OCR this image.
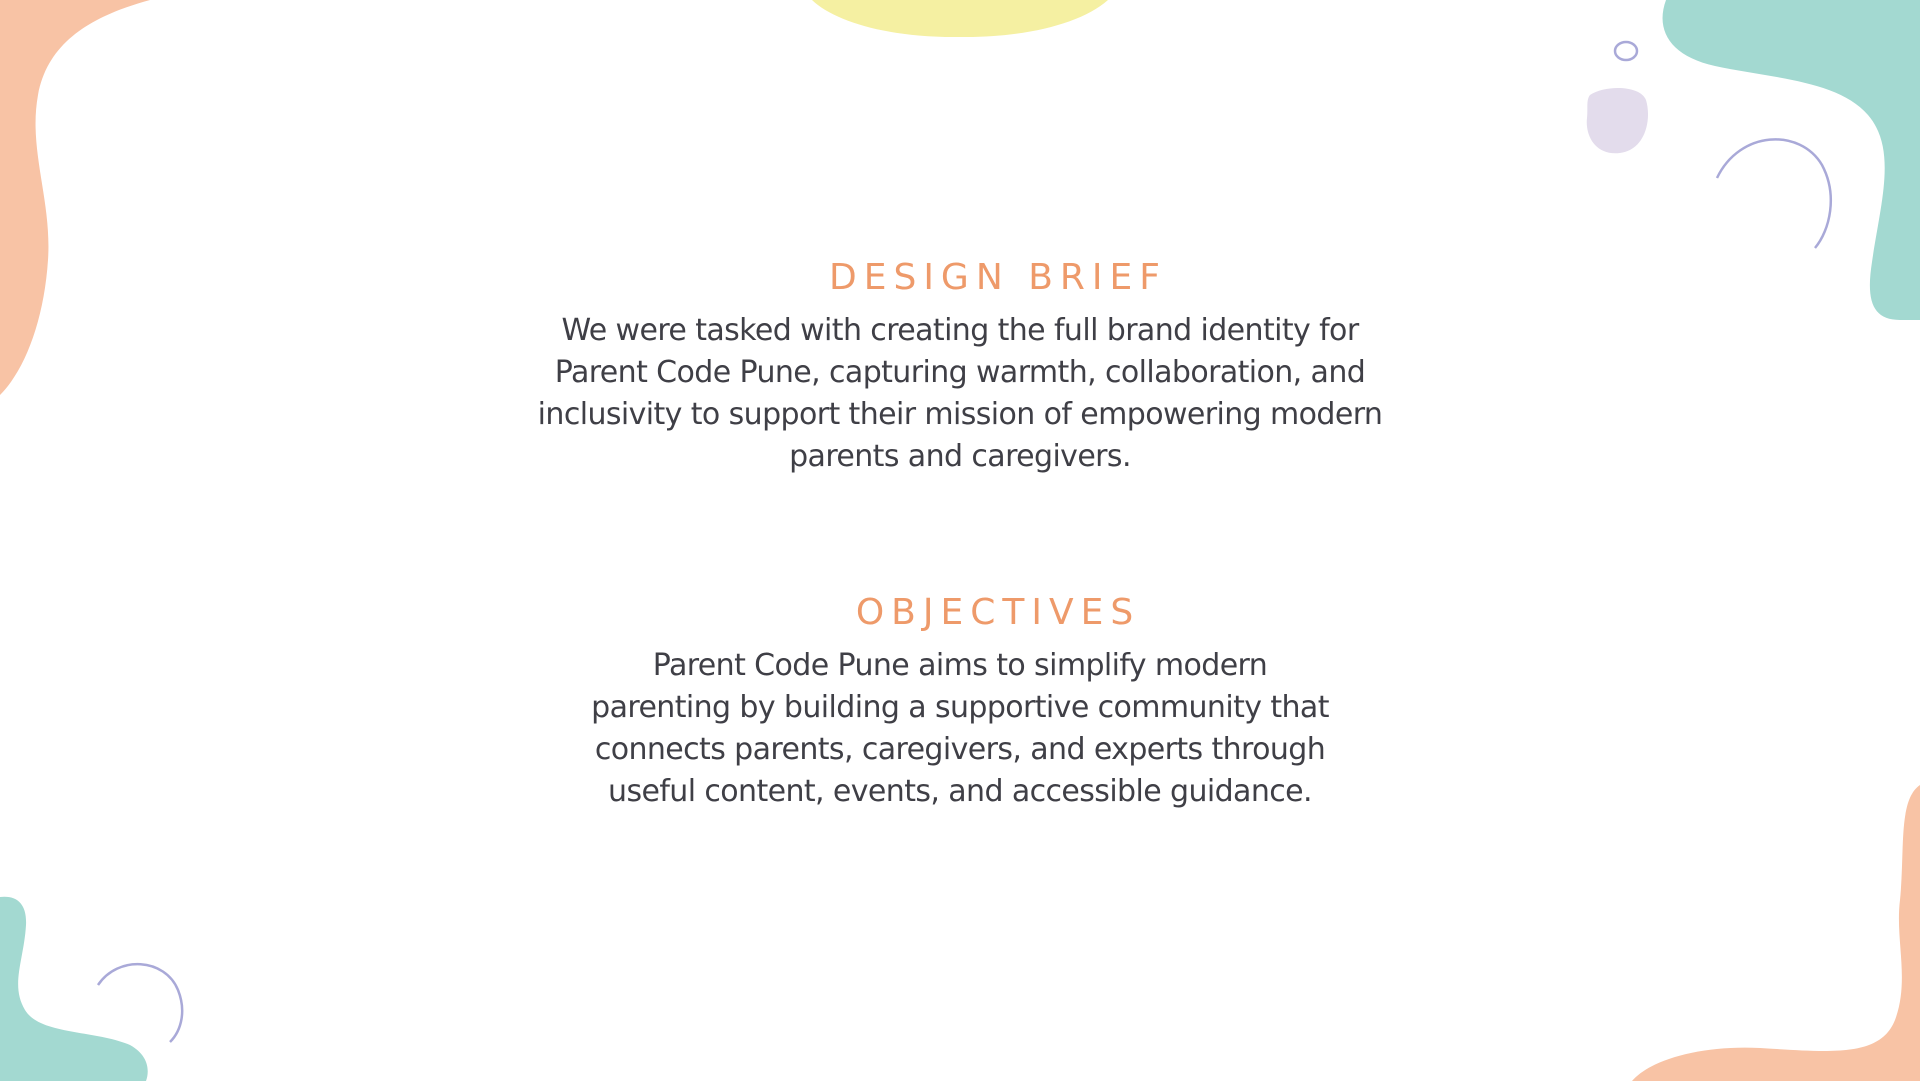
DESIGN BRIEF

We were tasked with creating the full brand identity for
Parent Code Pune, capturing warmth, collaboration, and
inclusivity to support their mission of empowering modern
parents and caregivers.

OBJECTIVES

Parent Code Pune aims to simplify modern
parenting by building a supportive community that
connects parents, caregivers, and experts through
useful content, events, and accessible guidance.
